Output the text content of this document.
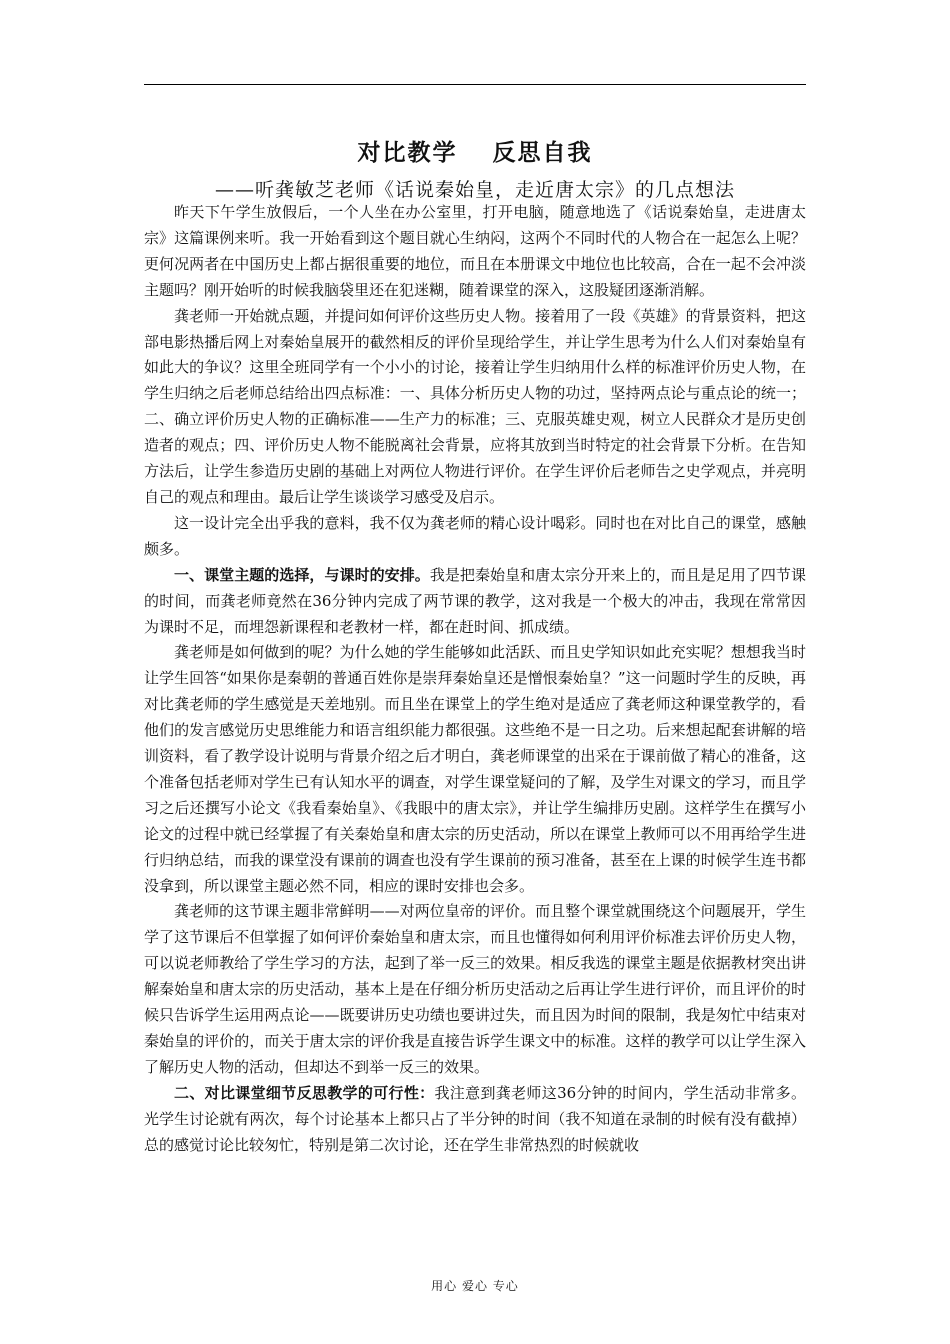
对比教学　 反思自我
——听龚敏芝老师《话说秦始皇，走近唐太宗》的几点想法

昨天下午学生放假后，一个人坐在办公室里，打开电脑，随意地选了《话说秦始皇，走进唐太宗》这篇课例来听。我一开始看到这个题目就心生纳闷，这两个不同时代的人物合在一起怎么上呢？更何况两者在中国历史上都占据很重要的地位，而且在本册课文中地位也比较高，合在一起不会冲淡主题吗？刚开始听的时候我脑袋里还在犯迷糊，随着课堂的深入，这股疑团逐渐消解。

龚老师一开始就点题，并提问如何评价这些历史人物。接着用了一段《英雄》的背景资料，把这部电影热播后网上对秦始皇展开的截然相反的评价呈现给学生，并让学生思考为什么人们对秦始皇有如此大的争议？这里全班同学有一个小小的讨论，接着让学生归纳用什么样的标准评价历史人物，在学生归纳之后老师总结给出四点标准：一、具体分析历史人物的功过，坚持两点论与重点论的统一；二、确立评价历史人物的正确标准——生产力的标准；三、克服英雄史观，树立人民群众才是历史创造者的观点；四、评价历史人物不能脱离社会背景，应将其放到当时特定的社会背景下分析。在告知方法后，让学生参造历史剧的基础上对两位人物进行评价。在学生评价后老师告之史学观点，并亮明自己的观点和理由。最后让学生谈谈学习感受及启示。

这一设计完全出乎我的意料，我不仅为龚老师的精心设计喝彩。同时也在对比自己的课堂，感触颇多。

一、课堂主题的选择，与课时的安排。我是把秦始皇和唐太宗分开来上的，而且是足用了四节课的时间，而龚老师竟然在36分钟内完成了两节课的教学，这对我是一个极大的冲击，我现在常常因为课时不足，而埋怨新课程和老教材一样，都在赶时间、抓成绩。

龚老师是如何做到的呢？为什么她的学生能够如此活跃、而且史学知识如此充实呢？想想我当时让学生回答“如果你是秦朝的普通百姓你是崇拜秦始皇还是憎恨秦始皇？”这一问题时学生的反映，再对比龚老师的学生感觉是天差地别。而且坐在课堂上的学生绝对是适应了龚老师这种课堂教学的，看他们的发言感觉历史思维能力和语言组织能力都很强。这些绝不是一日之功。后来想起配套讲解的培训资料，看了教学设计说明与背景介绍之后才明白，龚老师课堂的出采在于课前做了精心的准备，这个准备包括老师对学生已有认知水平的调查，对学生课堂疑问的了解，及学生对课文的学习，而且学习之后还撰写小论文《我看秦始皇》、《我眼中的唐太宗》，并让学生编排历史剧。这样学生在撰写小论文的过程中就已经掌握了有关秦始皇和唐太宗的历史活动，所以在课堂上教师可以不用再给学生进行归纳总结，而我的课堂没有课前的调查也没有学生课前的预习准备，甚至在上课的时候学生连书都没拿到，所以课堂主题必然不同，相应的课时安排也会多。

龚老师的这节课主题非常鲜明——对两位皇帝的评价。而且整个课堂就围绕这个问题展开，学生学了这节课后不但掌握了如何评价秦始皇和唐太宗，而且也懂得如何利用评价标准去评价历史人物，可以说老师教给了学生学习的方法，起到了举一反三的效果。相反我选的课堂主题是依据教材突出讲解秦始皇和唐太宗的历史活动，基本上是在仔细分析历史活动之后再让学生进行评价，而且评价的时候只告诉学生运用两点论——既要讲历史功绩也要讲过失，而且因为时间的限制，我是匆忙中结束对秦始皇的评价的，而关于唐太宗的评价我是直接告诉学生课文中的标准。这样的教学可以让学生深入了解历史人物的活动，但却达不到举一反三的效果。

二、对比课堂细节反思教学的可行性：我注意到龚老师这36分钟的时间内，学生活动非常多。光学生讨论就有两次，每个讨论基本上都只占了半分钟的时间（我不知道在录制的时候有没有截掉）总的感觉讨论比较匆忙，特别是第二次讨论，还在学生非常热烈的时候就收

用心 爱心 专心
